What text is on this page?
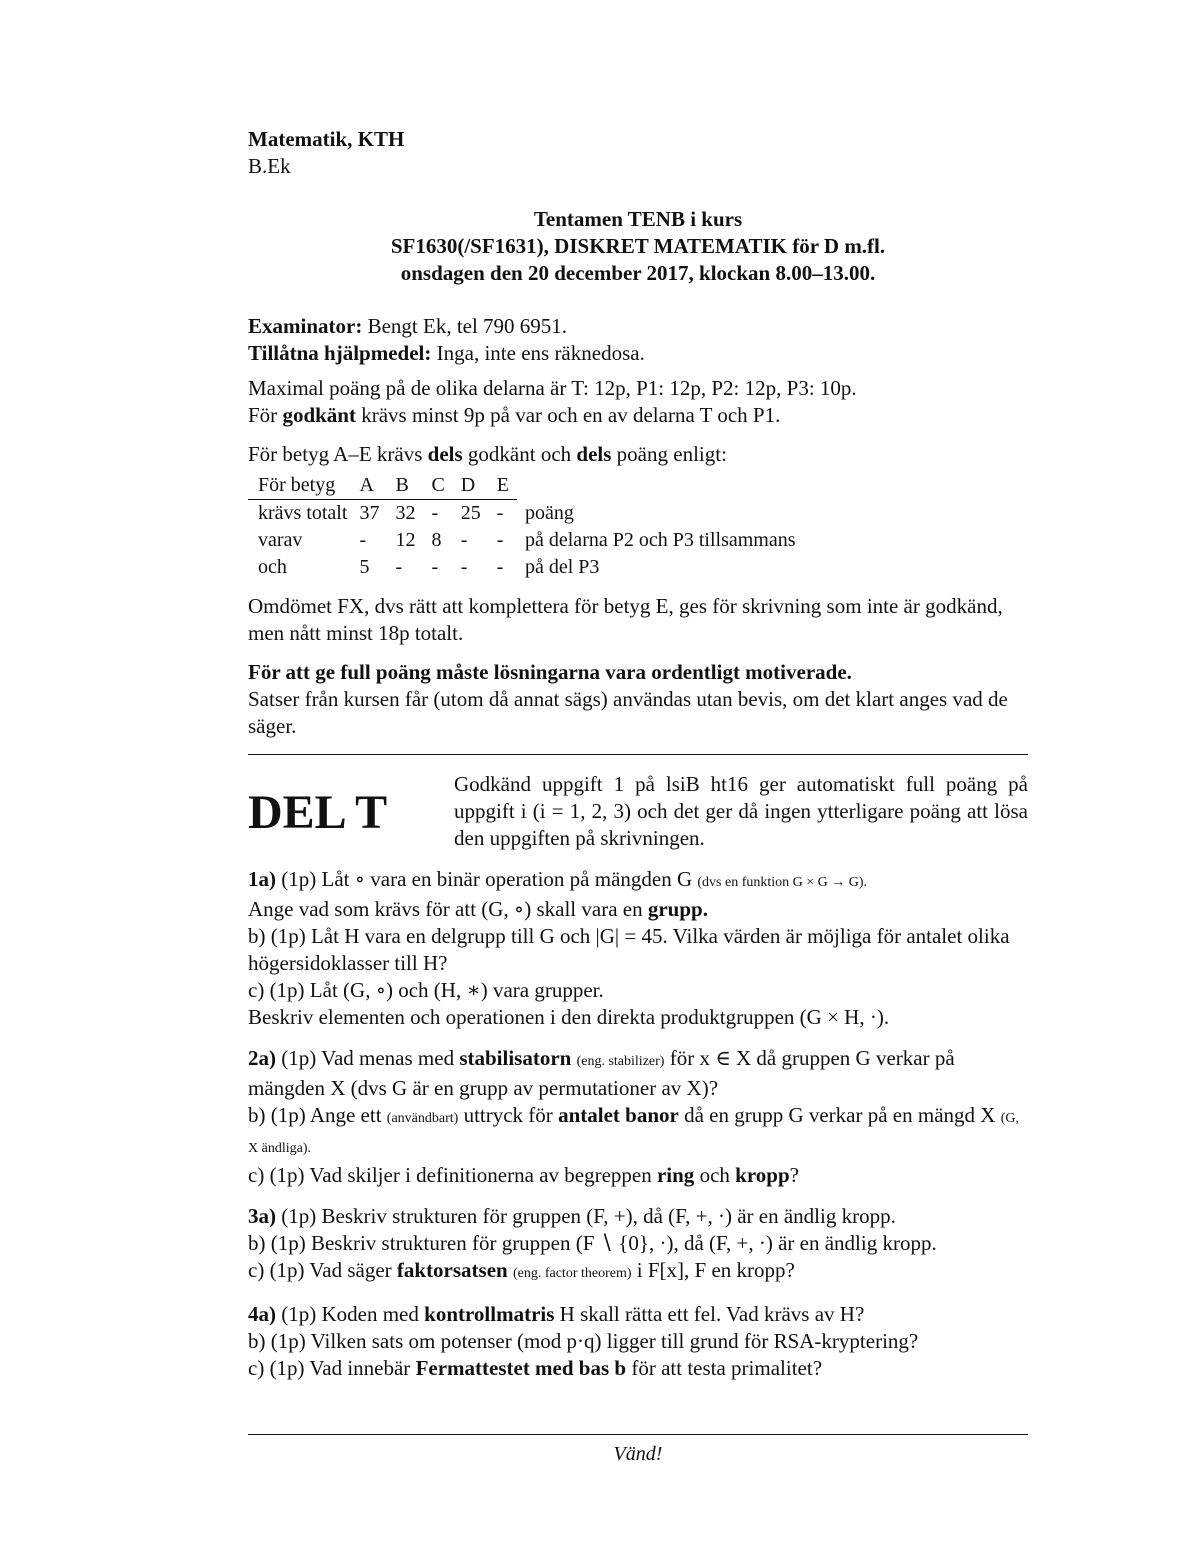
Matematik, KTH
B.Ek
Tentamen TENB i kurs
SF1630(/SF1631), DISKRET MATEMATIK för D m.fl.
onsdagen den 20 december 2017, klockan 8.00–13.00.
Examinator: Bengt Ek, tel 790 6951.
Tillåtna hjälpmedel: Inga, inte ens räknedosa.
Maximal poäng på de olika delarna är T: 12p, P1: 12p, P2: 12p, P3: 10p.
För godkänt krävs minst 9p på var och en av delarna T och P1.
För betyg A–E krävs dels godkänt och dels poäng enligt:
För betyg	A	B	C	D	E	
krävs totalt	37	32	-	25	-	poäng
varav	-	12	8	-	-	på delarna P2 och P3 tillsammans
och	5	-	-	-	-	på del P3
Omdömet FX, dvs rätt att komplettera för betyg E, ges för skrivning som inte är godkänd, men nått minst 18p totalt.
För att ge full poäng måste lösningarna vara ordentligt motiverade.
Satser från kursen får (utom då annat sägs) användas utan bevis, om det klart anges vad de säger.
DEL T
Godkänd uppgift 1 på lsiB ht16 ger automatiskt full poäng på uppgift i (i = 1, 2, 3) och det ger då ingen ytterligare poäng att lösa den uppgiften på skrivningen.

1a) (1p) Låt ∘ vara en binär operation på mängden G (dvs en funktion G × G → G).

Ange vad som krävs för att (G, ∘) skall vara en grupp.

b) (1p) Låt H vara en delgrupp till G och |G| = 45. Vilka värden är möjliga för antalet olika högersidoklasser till H?

c) (1p) Låt (G, ∘) och (H, ∗) vara grupper.

Beskriv elementen och operationen i den direkta produktgruppen (G × H, ·).

2a) (1p) Vad menas med stabilisatorn (eng. stabilizer) för x ∈ X då gruppen G verkar på mängden X (dvs G är en grupp av permutationer av X)?

b) (1p) Ange ett (användbart) uttryck för antalet banor då en grupp G verkar på en mängd X (G, X ändliga).

c) (1p) Vad skiljer i definitionerna av begreppen ring och kropp?

3a) (1p) Beskriv strukturen för gruppen (F, +), då (F, +, ·) är en ändlig kropp.

b) (1p) Beskriv strukturen för gruppen (F ∖ {0}, ·), då (F, +, ·) är en ändlig kropp.

c) (1p) Vad säger faktorsatsen (eng. factor theorem) i F[x], F en kropp?

4a) (1p) Koden med kontrollmatris H skall rätta ett fel. Vad krävs av H?

b) (1p) Vilken sats om potenser (mod p·q) ligger till grund för RSA-kryptering?

c) (1p) Vad innebär Fermattestet med bas b för att testa primalitet?

Vänd!
